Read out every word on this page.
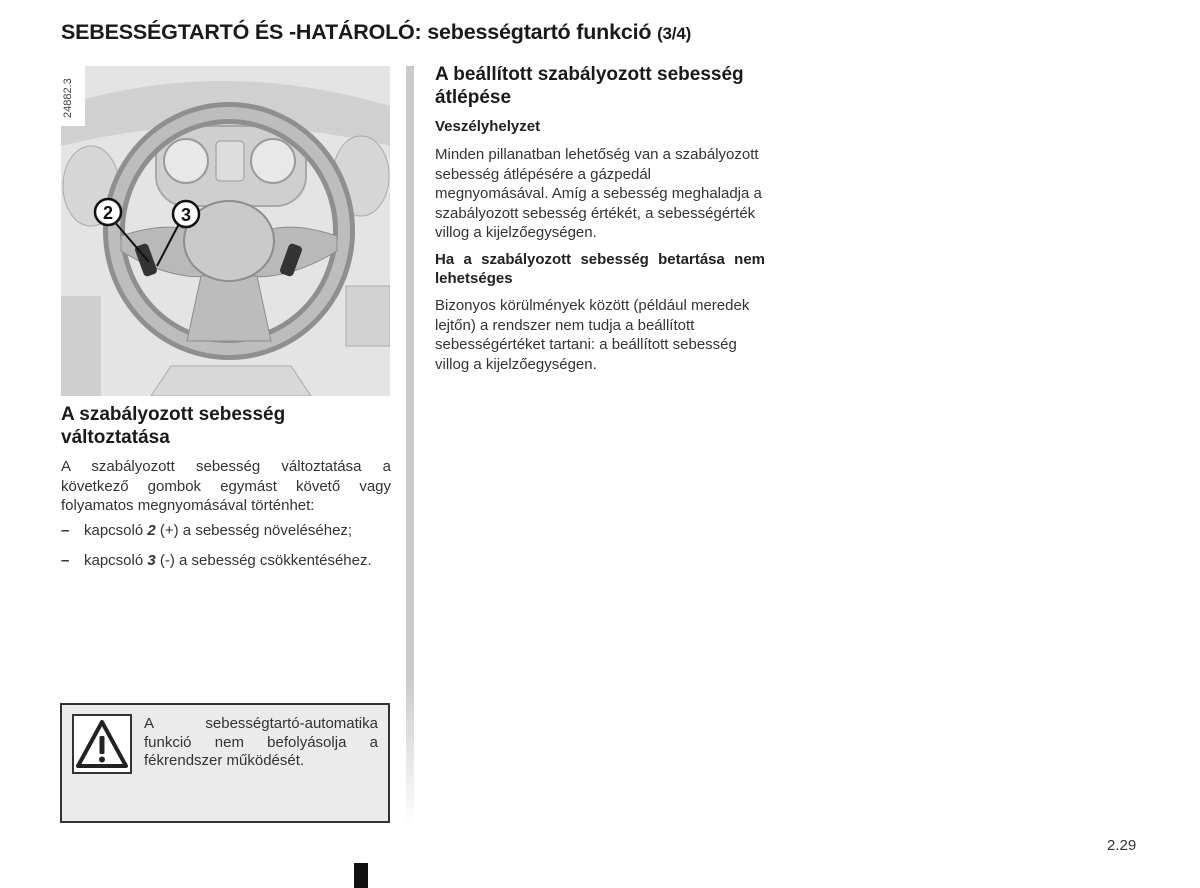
SEBESSÉGTARTÓ ÉS -HATÁROLÓ: sebességtartó funkció (3/4)
2	3
24882.3
A szabályozott sebesség változtatása

A szabályozott sebesség változtatása a következő gombok egymást követő vagy folyamatos megnyomásával történhet:

– kapcsoló 2 (+) a sebesség növeléséhez;
– kapcsoló 3 (-) a sebesség csökkentéséhez.
A sebességtartó-automatika funkció nem befolyásolja a fékrendszer működését.
A beállított szabályozott sebesség átlépése
Veszélyhelyzet

Minden pillanatban lehetőség van a szabályozott sebesség átlépésére a gázpedál megnyomásával. Amíg a sebesség meghaladja a szabályozott sebesség értékét, a sebességérték villog a kijelzőegységen.

Ha a szabályozott sebesség betartása nem lehetséges

Bizonyos körülmények között (például meredek lejtőn) a rendszer nem tudja a beállított sebességértéket tartani: a beállított sebesség villog a kijelzőegységen.

2.29
